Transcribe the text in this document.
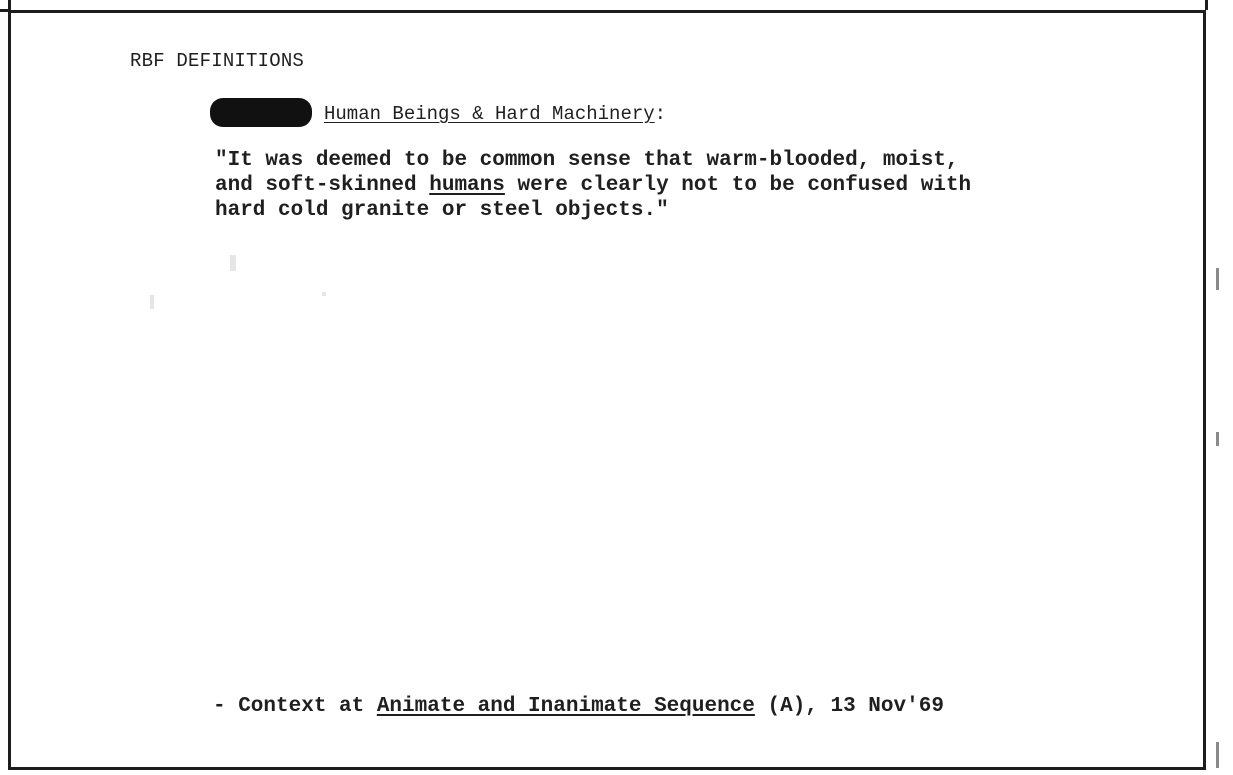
RBF DEFINITIONS
Human Beings & Hard Machinery:
"It was deemed to be common sense that warm-blooded, moist,
and soft-skinned humans were clearly not to be confused with
hard cold granite or steel objects."
- Context at Animate and Inanimate Sequence (A), 13 Nov'69
